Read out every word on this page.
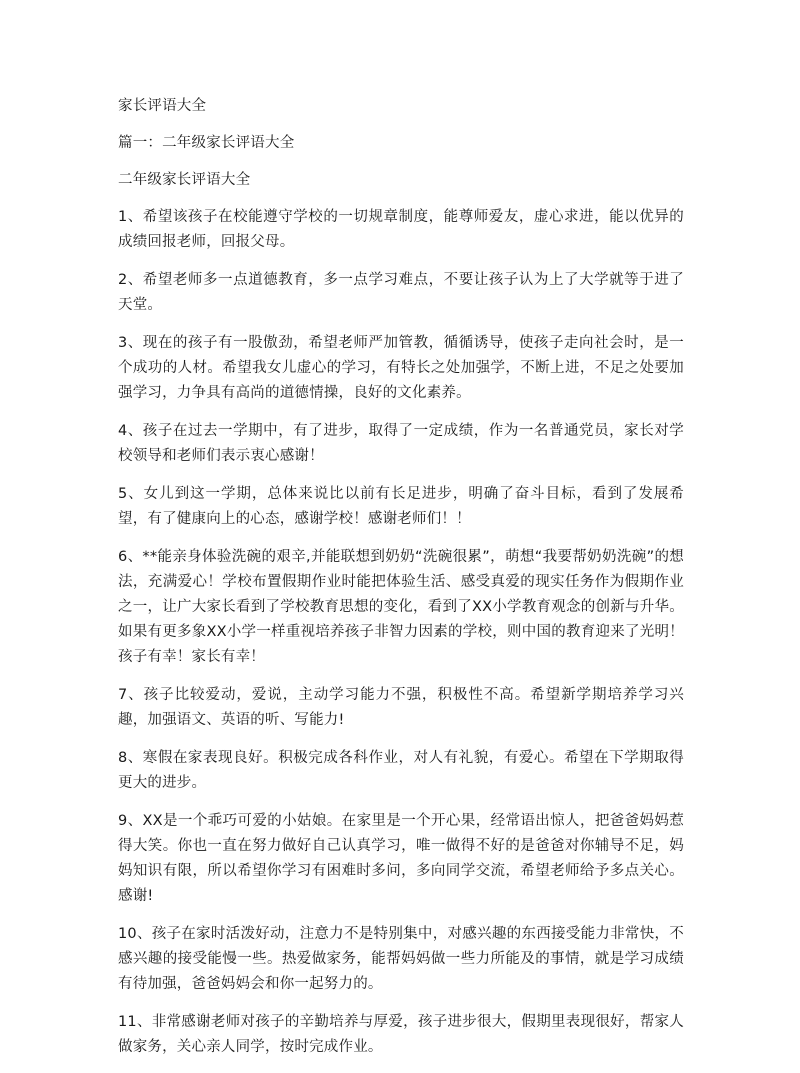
家长评语大全

篇一：二年级家长评语大全

二年级家长评语大全

1、希望该孩子在校能遵守学校的一切规章制度，能尊师爱友，虚心求进，能以优异的成绩回报老师，回报父母。

2、希望老师多一点道德教育，多一点学习难点，不要让孩子认为上了大学就等于进了天堂。

3、现在的孩子有一股傲劲，希望老师严加管教，循循诱导，使孩子走向社会时，是一个成功的人材。希望我女儿虚心的学习，有特长之处加强学，不断上进，不足之处要加强学习，力争具有高尚的道德情操，良好的文化素养。

4、孩子在过去一学期中，有了进步，取得了一定成绩，作为一名普通党员，家长对学校领导和老师们表示衷心感谢！

5、女儿到这一学期，总体来说比以前有长足进步，明确了奋斗目标，看到了发展希望，有了健康向上的心态，感谢学校！感谢老师们！！

6、**能亲身体验洗碗的艰辛,并能联想到奶奶“洗碗很累”，萌想“我要帮奶奶洗碗”的想法，充满爱心！学校布置假期作业时能把体验生活、感受真爱的现实任务作为假期作业之一，让广大家长看到了学校教育思想的变化，看到了XX小学教育观念的创新与升华。如果有更多象XX小学一样重视培养孩子非智力因素的学校，则中国的教育迎来了光明！孩子有幸！家长有幸！

7、孩子比较爱动，爱说，主动学习能力不强，积极性不高。希望新学期培养学习兴趣，加强语文、英语的听、写能力!

8、寒假在家表现良好。积极完成各科作业，对人有礼貌，有爱心。希望在下学期取得更大的进步。

9、XX是一个乖巧可爱的小姑娘。在家里是一个开心果，经常语出惊人，把爸爸妈妈惹得大笑。你也一直在努力做好自己认真学习，唯一做得不好的是爸爸对你辅导不足，妈妈知识有限，所以希望你学习有困难时多问，多向同学交流，希望老师给予多点关心。感谢!

10、孩子在家时活泼好动，注意力不是特别集中，对感兴趣的东西接受能力非常快，不感兴趣的接受能慢一些。热爱做家务，能帮妈妈做一些力所能及的事情，就是学习成绩有待加强，爸爸妈妈会和你一起努力的。

11、非常感谢老师对孩子的辛勤培养与厚爱，孩子进步很大，假期里表现很好，帮家人做家务，关心亲人同学，按时完成作业。
